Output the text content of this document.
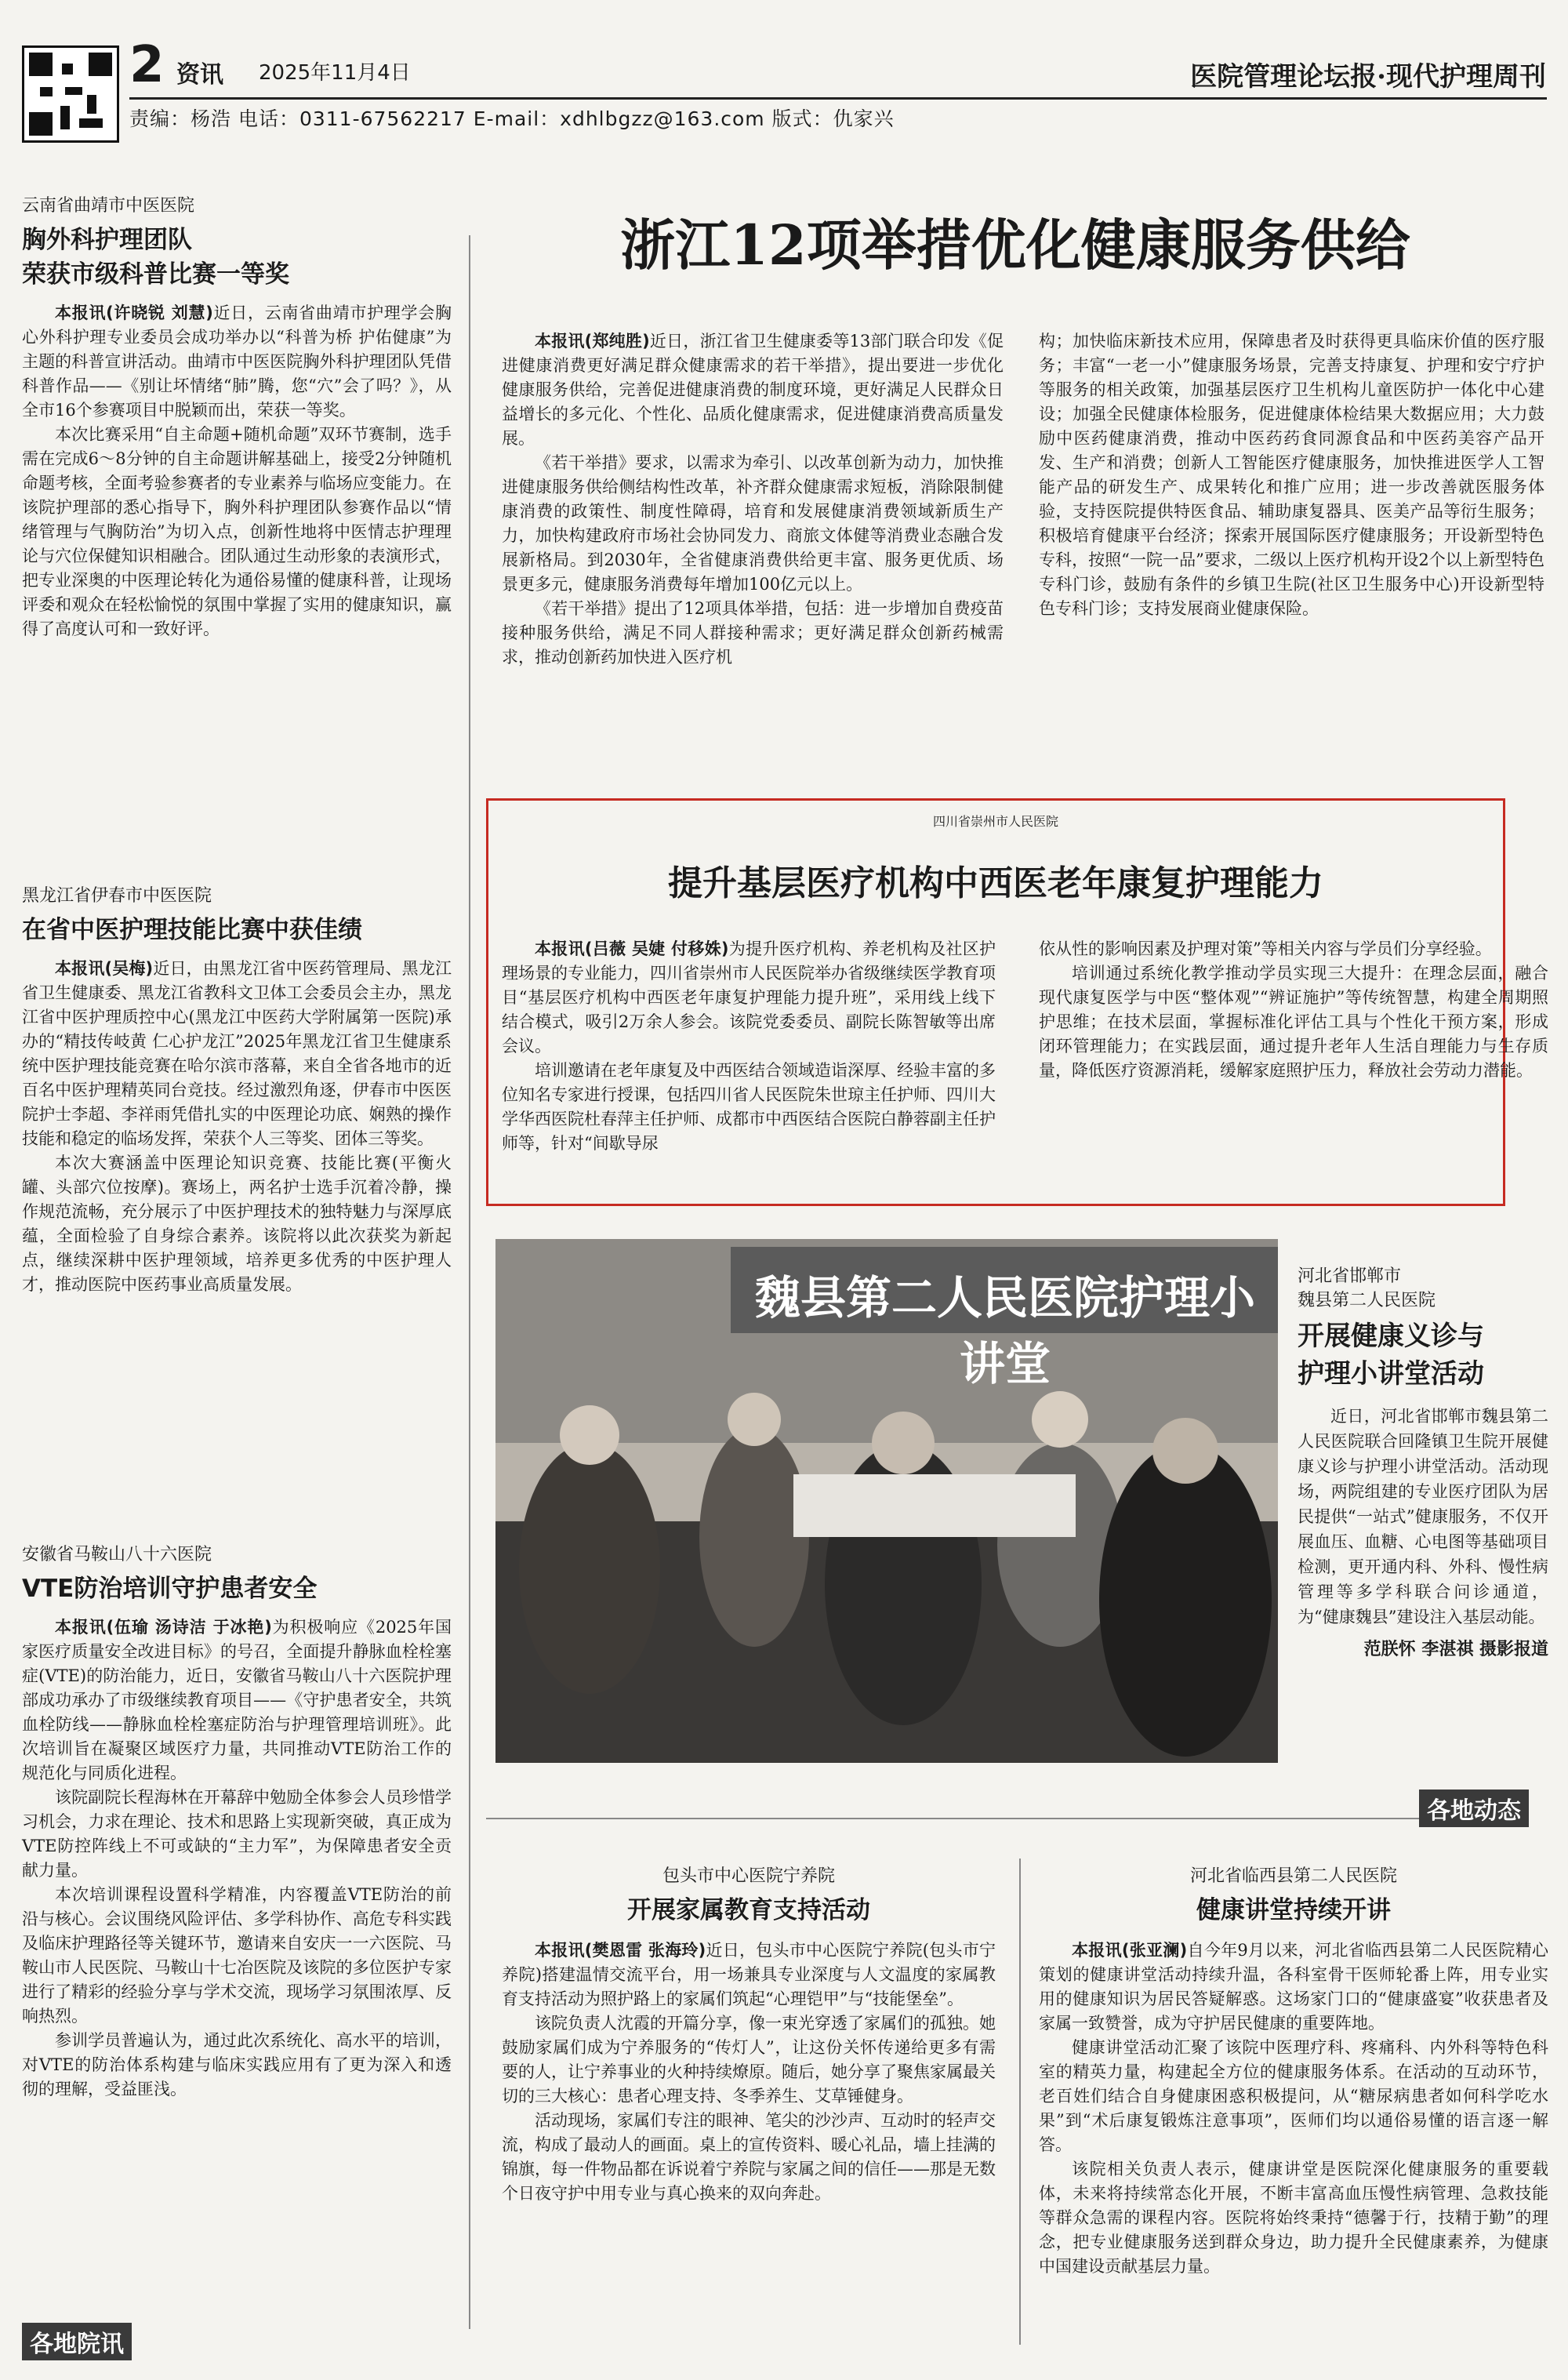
2 资讯 2025年11月4日	医院管理论坛报·现代护理周刊
责编：杨浩 电话：0311-67562217 E-mail：xdhlbgzz@163.com 版式：仇家兴
云南省曲靖市中医医院
胸外科护理团队
荣获市级科普比赛一等奖

本报讯(许晓锐 刘慧)近日，云南省曲靖市护理学会胸心外科护理专业委员会成功举办以“科普为桥 护佑健康”为主题的科普宣讲活动。曲靖市中医医院胸外科护理团队凭借科普作品——《别让坏情绪“肺”腾，您“穴”会了吗？》，从全市16个参赛项目中脱颖而出，荣获一等奖。

本次比赛采用“自主命题+随机命题”双环节赛制，选手需在完成6～8分钟的自主命题讲解基础上，接受2分钟随机命题考核，全面考验参赛者的专业素养与临场应变能力。在该院护理部的悉心指导下，胸外科护理团队参赛作品以“情绪管理与气胸防治”为切入点，创新性地将中医情志护理理论与穴位保健知识相融合。团队通过生动形象的表演形式，把专业深奥的中医理论转化为通俗易懂的健康科普，让现场评委和观众在轻松愉悦的氛围中掌握了实用的健康知识，赢得了高度认可和一致好评。

黑龙江省伊春市中医医院
在省中医护理技能比赛中获佳绩

本报讯(吴梅)近日，由黑龙江省中医药管理局、黑龙江省卫生健康委、黑龙江省教科文卫体工会委员会主办，黑龙江省中医护理质控中心(黑龙江中医药大学附属第一医院)承办的“精技传岐黄 仁心护龙江”2025年黑龙江省卫生健康系统中医护理技能竞赛在哈尔滨市落幕，来自全省各地市的近百名中医护理精英同台竞技。经过激烈角逐，伊春市中医医院护士李超、李祥雨凭借扎实的中医理论功底、娴熟的操作技能和稳定的临场发挥，荣获个人三等奖、团体三等奖。

本次大赛涵盖中医理论知识竞赛、技能比赛(平衡火罐、头部穴位按摩)。赛场上，两名护士选手沉着冷静，操作规范流畅，充分展示了中医护理技术的独特魅力与深厚底蕴，全面检验了自身综合素养。该院将以此次获奖为新起点，继续深耕中医护理领域，培养更多优秀的中医护理人才，推动医院中医药事业高质量发展。

安徽省马鞍山八十六医院
VTE防治培训守护患者安全

本报讯(伍瑜 汤诗洁 于冰艳)为积极响应《2025年国家医疗质量安全改进目标》的号召，全面提升静脉血栓栓塞症(VTE)的防治能力，近日，安徽省马鞍山八十六医院护理部成功承办了市级继续教育项目——《守护患者安全，共筑血栓防线——静脉血栓栓塞症防治与护理管理培训班》。此次培训旨在凝聚区域医疗力量，共同推动VTE防治工作的规范化与同质化进程。

该院副院长程海林在开幕辞中勉励全体参会人员珍惜学习机会，力求在理论、技术和思路上实现新突破，真正成为VTE防控阵线上不可或缺的“主力军”，为保障患者安全贡献力量。

本次培训课程设置科学精准，内容覆盖VTE防治的前沿与核心。会议围绕风险评估、多学科协作、高危专科实践及临床护理路径等关键环节，邀请来自安庆一一六医院、马鞍山市人民医院、马鞍山十七冶医院及该院的多位医护专家进行了精彩的经验分享与学术交流，现场学习氛围浓厚、反响热烈。

参训学员普遍认为，通过此次系统化、高水平的培训，对VTE的防治体系构建与临床实践应用有了更为深入和透彻的理解，受益匪浅。

各地院讯
浙江12项举措优化健康服务供给

本报讯(郑纯胜)近日，浙江省卫生健康委等13部门联合印发《促进健康消费更好满足群众健康需求的若干举措》，提出要进一步优化健康服务供给，完善促进健康消费的制度环境，更好满足人民群众日益增长的多元化、个性化、品质化健康需求，促进健康消费高质量发展。

《若干举措》要求，以需求为牵引、以改革创新为动力，加快推进健康服务供给侧结构性改革，补齐群众健康需求短板，消除限制健康消费的政策性、制度性障碍，培育和发展健康消费领域新质生产力，加快构建政府市场社会协同发力、商旅文体健等消费业态融合发展新格局。到2030年，全省健康消费供给更丰富、服务更优质、场景更多元，健康服务消费每年增加100亿元以上。

《若干举措》提出了12项具体举措，包括：进一步增加自费疫苗接种服务供给，满足不同人群接种需求；更好满足群众创新药械需求，推动创新药加快进入医疗机

构；加快临床新技术应用，保障患者及时获得更具临床价值的医疗服务；丰富“一老一小”健康服务场景，完善支持康复、护理和安宁疗护等服务的相关政策，加强基层医疗卫生机构儿童医防护一体化中心建设；加强全民健康体检服务，促进健康体检结果大数据应用；大力鼓励中医药健康消费，推动中医药药食同源食品和中医药美容产品开发、生产和消费；创新人工智能医疗健康服务，加快推进医学人工智能产品的研发生产、成果转化和推广应用；进一步改善就医服务体验，支持医院提供特医食品、辅助康复器具、医美产品等衍生服务；积极培育健康平台经济；探索开展国际医疗健康服务；开设新型特色专科，按照“一院一品”要求，二级以上医疗机构开设2个以上新型特色专科门诊，鼓励有条件的乡镇卫生院(社区卫生服务中心)开设新型特色专科门诊；支持发展商业健康保险。

四川省崇州市人民医院
提升基层医疗机构中西医老年康复护理能力

本报讯(吕薇 吴婕 付移姝)为提升医疗机构、养老机构及社区护理场景的专业能力，四川省崇州市人民医院举办省级继续医学教育项目“基层医疗机构中西医老年康复护理能力提升班”，采用线上线下结合模式，吸引2万余人参会。该院党委委员、副院长陈智敏等出席会议。

培训邀请在老年康复及中西医结合领域造诣深厚、经验丰富的多位知名专家进行授课，包括四川省人民医院朱世琼主任护师、四川大学华西医院杜春萍主任护师、成都市中西医结合医院白静蓉副主任护师等，针对“间歇导尿

依从性的影响因素及护理对策”等相关内容与学员们分享经验。

培训通过系统化教学推动学员实现三大提升：在理念层面，融合现代康复医学与中医“整体观”“辨证施护”等传统智慧，构建全周期照护思维；在技术层面，掌握标准化评估工具与个性化干预方案，形成闭环管理能力；在实践层面，通过提升老年人生活自理能力与生存质量，降低医疗资源消耗，缓解家庭照护压力，释放社会劳动力潜能。

魏县第二人民医院护理小讲堂
河北省邯郸市
魏县第二人民医院
开展健康义诊与
护理小讲堂活动

近日，河北省邯郸市魏县第二人民医院联合回隆镇卫生院开展健康义诊与护理小讲堂活动。活动现场，两院组建的专业医疗团队为居民提供“一站式”健康服务，不仅开展血压、血糖、心电图等基础项目检测，更开通内科、外科、慢性病管理等多学科联合问诊通道，为“健康魏县”建设注入基层动能。

范朕怀 李湛祺 摄影报道
各地动态
包头市中心医院宁养院
开展家属教育支持活动

本报讯(樊恩雷 张海玲)近日，包头市中心医院宁养院(包头市宁养院)搭建温情交流平台，用一场兼具专业深度与人文温度的家属教育支持活动为照护路上的家属们筑起“心理铠甲”与“技能堡垒”。

该院负责人沈霞的开篇分享，像一束光穿透了家属们的孤独。她鼓励家属们成为宁养服务的“传灯人”，让这份关怀传递给更多有需要的人，让宁养事业的火种持续燎原。随后，她分享了聚焦家属最关切的三大核心：患者心理支持、冬季养生、艾草锤健身。

活动现场，家属们专注的眼神、笔尖的沙沙声、互动时的轻声交流，构成了最动人的画面。桌上的宣传资料、暖心礼品，墙上挂满的锦旗，每一件物品都在诉说着宁养院与家属之间的信任——那是无数个日夜守护中用专业与真心换来的双向奔赴。

河北省临西县第二人民医院
健康讲堂持续开讲

本报讯(张亚澜)自今年9月以来，河北省临西县第二人民医院精心策划的健康讲堂活动持续升温，各科室骨干医师轮番上阵，用专业实用的健康知识为居民答疑解惑。这场家门口的“健康盛宴”收获患者及家属一致赞誉，成为守护居民健康的重要阵地。

健康讲堂活动汇聚了该院中医理疗科、疼痛科、内外科等特色科室的精英力量，构建起全方位的健康服务体系。在活动的互动环节，老百姓们结合自身健康困惑积极提问，从“糖尿病患者如何科学吃水果”到“术后康复锻炼注意事项”，医师们均以通俗易懂的语言逐一解答。

该院相关负责人表示，健康讲堂是医院深化健康服务的重要载体，未来将持续常态化开展，不断丰富高血压慢性病管理、急救技能等群众急需的课程内容。医院将始终秉持“德馨于行，技精于勤”的理念，把专业健康服务送到群众身边，助力提升全民健康素养，为健康中国建设贡献基层力量。
